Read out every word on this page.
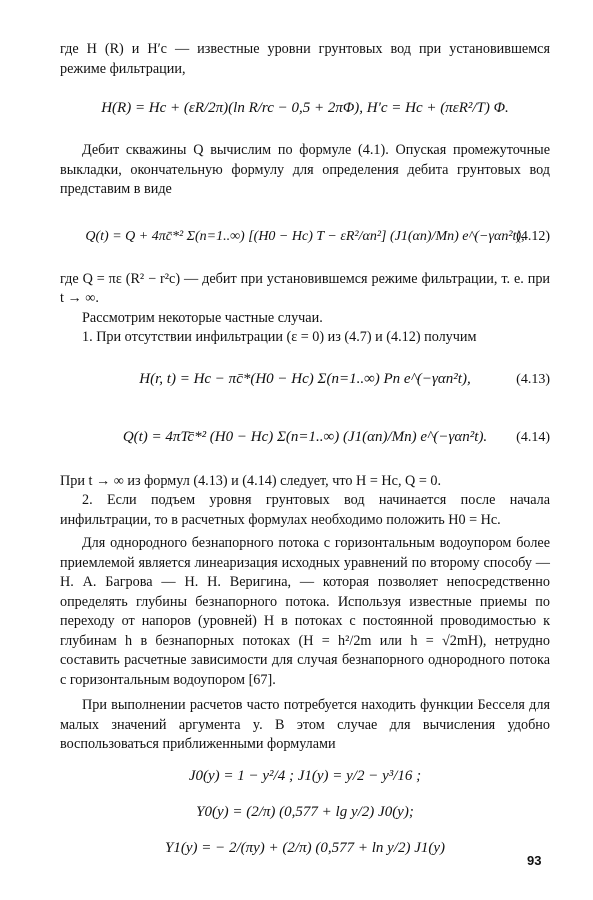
где H (R) и H′c — известные уровни грунтовых вод при установившемся режиме фильтрации,

H(R) = Hc + (εR/2π)(ln R/rc − 0,5 + 2πΦ), H′c = Hc + (πεR²/T) Φ.

Дебит скважины Q вычислим по формуле (4.1). Опуская промежуточные выкладки, окончательную формулу для определения дебита грунтовых вод представим в виде

Q(t) = Q + 4πc̄*² Σ(n=1..∞) [(H0 − Hc) T − εR²/αn²] (J1(αn)/Mn) e^(−γαn²t),
(4.12)

где Q = πε (R² − r²c) — дебит при установившемся режиме фильтрации, т. е. при t → ∞.

Рассмотрим некоторые частные случаи.

1. При отсутствии инфильтрации (ε = 0) из (4.7) и (4.12) получим

H(r, t) = Hc − πc̄*(H0 − Hc) Σ(n=1..∞) Pn e^(−γαn²t),	(4.13)
Q(t) = 4πTc̄*² (H0 − Hc) Σ(n=1..∞) (J1(αn)/Mn) e^(−γαn²t). (4.14)

При t → ∞ из формул (4.13) и (4.14) следует, что H = Hc, Q = 0.

2. Если подъем уровня грунтовых вод начинается после начала инфильтрации, то в расчетных формулах необходимо положить H0 = Hc.

Для однородного безнапорного потока с горизонтальным водоупором более приемлемой является линеаризация исходных уравнений по второму способу — Н. А. Багрова — Н. Н. Веригина, — которая позволяет непосредственно определять глубины безнапорного потока. Используя известные приемы по переходу от напоров (уровней) H в потоках с постоянной проводимостью к глубинам h в безнапорных потоках (H = h²/2m или h = √2mH), нетрудно составить расчетные зависимости для случая безнапорного однородного потока с горизонтальным водоупором [67].

При выполнении расчетов часто потребуется находить функции Бесселя для малых значений аргумента y. В этом случае для вычисления удобно воспользоваться приближенными формулами

J0(y) = 1 − y²/4 ; J1(y) = y/2 − y³/16 ;
Y0(y) = (2/π) (0,577 + lg y/2) J0(y);
Y1(y) = − 2/(πy) + (2/π) (0,577 + ln y/2) J1(y)
93
